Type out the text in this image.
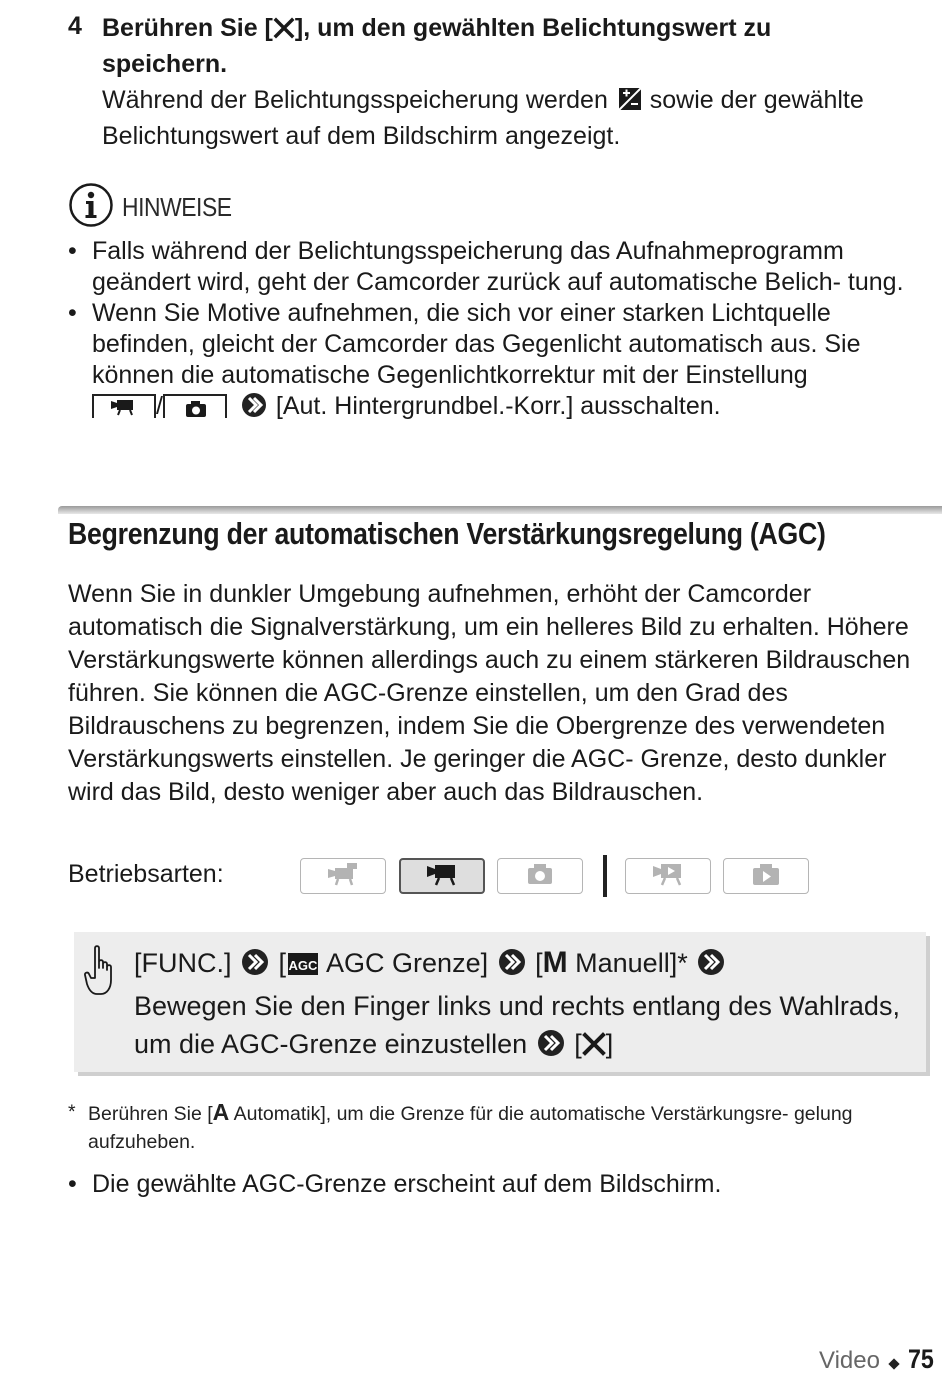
4 Berühren Sie [ ], um den gewählten Belichtungswert zu speichern.
Während der Belichtungsspeicherung werden  sowie der gewählte Belichtungswert auf dem Bildschirm angezeigt.
HINWEISE
• Falls während der Belichtungsspeicherung das Aufnahmeprogramm geändert wird, geht der Camcorder zurück auf automatische Belich- tung.
• Wenn Sie Motive aufnehmen, die sich vor einer starken Lichtquelle befinden, gleicht der Camcorder das Gegenlicht automatisch aus. Sie können die automatische Gegenlichtkorrektur mit der Einstellung

/	[Aut. Hintergrundbel.-Korr.] ausschalten.
Begrenzung der automatischen Verstärkungsregelung (AGC)
Wenn Sie in dunkler Umgebung aufnehmen, erhöht der Camcorder automatisch die Signalverstärkung, um ein helleres Bild zu erhalten. Höhere Verstärkungswerte können allerdings auch zu einem stärkeren Bildrauschen führen. Sie können die AGC-Grenze einstellen, um den Grad des Bildrauschens zu begrenzen, indem Sie die Obergrenze des verwendeten Verstärkungswerts einstellen. Je geringer die AGC- Grenze, desto dunkler wird das Bild, desto weniger aber auch das Bildrauschen.
Betriebsarten:
[FUNC.]  [ AGC AGC Grenze]  [M Manuell]*
Bewegen Sie den Finger links und rechts entlang des Wahlrads, um die AGC-Grenze einzustellen  [ ]
* Berühren Sie [A Automatik], um die Grenze für die automatische Verstärkungsre- gelung aufzuheben.
• Die gewählte AGC-Grenze erscheint auf dem Bildschirm.
Video 75
